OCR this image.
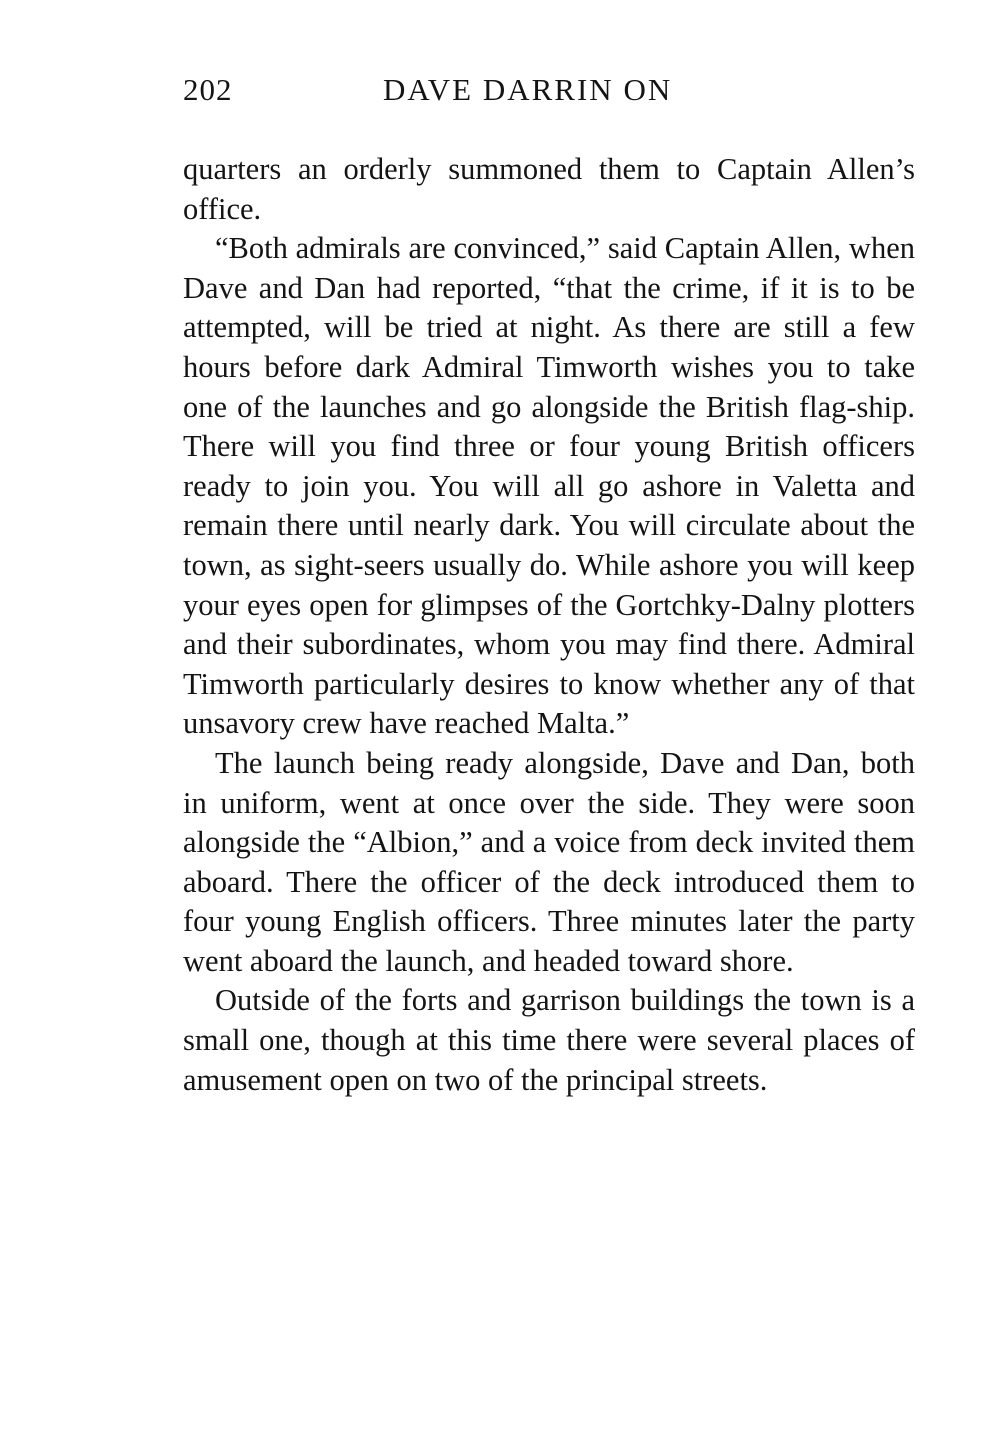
202	DAVE DARRIN ON

quarters an orderly summoned them to Captain Allen’s office.

“Both admirals are convinced,” said Captain Allen, when Dave and Dan had reported, “that the crime, if it is to be attempted, will be tried at night. As there are still a few hours before dark Admiral Timworth wishes you to take one of the launches and go alongside the British flag-ship. There will you find three or four young British officers ready to join you. You will all go ashore in Valetta and remain there until nearly dark. You will circulate about the town, as sight-seers usually do. While ashore you will keep your eyes open for glimpses of the Gortchky-Dalny plotters and their subordinates, whom you may find there. Admiral Timworth particularly desires to know whether any of that unsavory crew have reached Malta.”

The launch being ready alongside, Dave and Dan, both in uniform, went at once over the side. They were soon alongside the “Albion,” and a voice from deck invited them aboard. There the officer of the deck introduced them to four young English officers. Three minutes later the party went aboard the launch, and headed toward shore.

Outside of the forts and garrison buildings the town is a small one, though at this time there were several places of amusement open on two of the principal streets.
